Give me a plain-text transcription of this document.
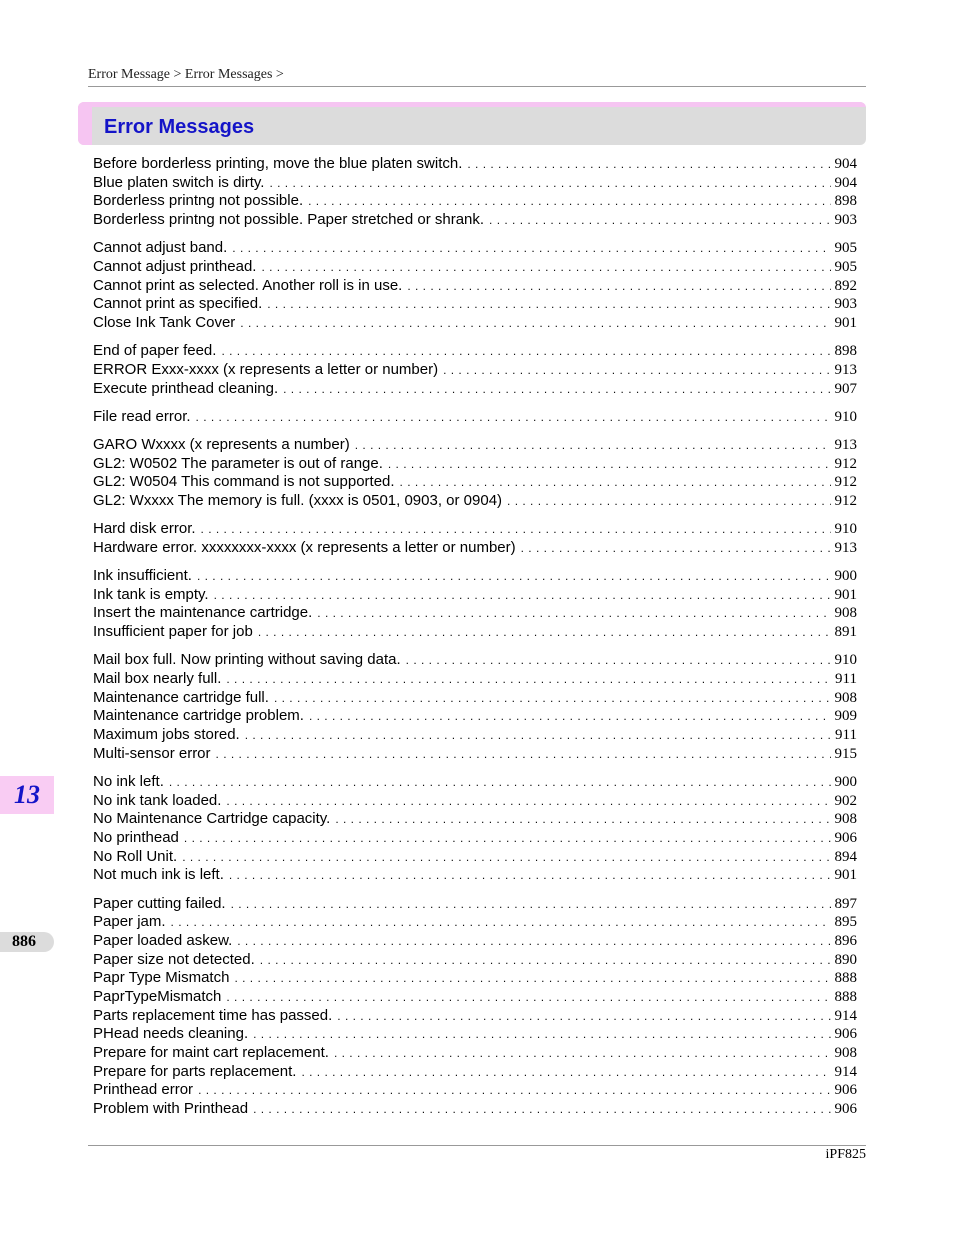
Error Message > Error Messages >
Error Messages
Before borderless printing, move the blue platen switch. . . .	904
Blue platen switch is dirty. . . .	904
Borderless printng not possible. . . .	898
Borderless printng not possible. Paper stretched or shrank. . . .	903
Cannot adjust band. . . .	905
Cannot adjust printhead. . . .	905
Cannot print as selected. Another roll is in use. . . .	892
Cannot print as specified. . . .	903
Close Ink Tank Cover . . .	901
End of paper feed. . . .	898
ERROR Exxx-xxxx (x represents a letter or number) . . .	913
Execute printhead cleaning. . . .	907
File read error. . . .	910
GARO Wxxxx (x represents a number) . . .	913
GL2: W0502 The parameter is out of range. . . .	912
GL2: W0504 This command is not supported. . . .	912
GL2: Wxxxx The memory is full. (xxxx is 0501, 0903, or 0904) . . .	912
Hard disk error. . . .	910
Hardware error. xxxxxxxx-xxxx (x represents a letter or number) . . .	913
Ink insufficient. . . .	900
Ink tank is empty. . . .	901
Insert the maintenance cartridge. . . .	908
Insufficient paper for job . . .	891
Mail box full. Now printing without saving data. . . .	910
Mail box nearly full. . . .	911
Maintenance cartridge full. . . .	908
Maintenance cartridge problem. . . .	909
Maximum jobs stored. . . .	911
Multi-sensor error . . .	915
No ink left. . . .	900
No ink tank loaded. . . .	902
No Maintenance Cartridge capacity. . . .	908
No printhead . . .	906
No Roll Unit. . . .	894
Not much ink is left. . . .	901
Paper cutting failed. . . .	897
Paper jam. . . .	895
Paper loaded askew. . . .	896
Paper size not detected. . . .	890
Papr Type Mismatch . . .	888
PaprTypeMismatch . . .	888
Parts replacement time has passed. . . .	914
PHead needs cleaning. . . .	906
Prepare for maint cart replacement. . . .	908
Prepare for parts replacement. . . .	914
Printhead error . . .	906
Problem with Printhead . . .	906
13
886
iPF825
